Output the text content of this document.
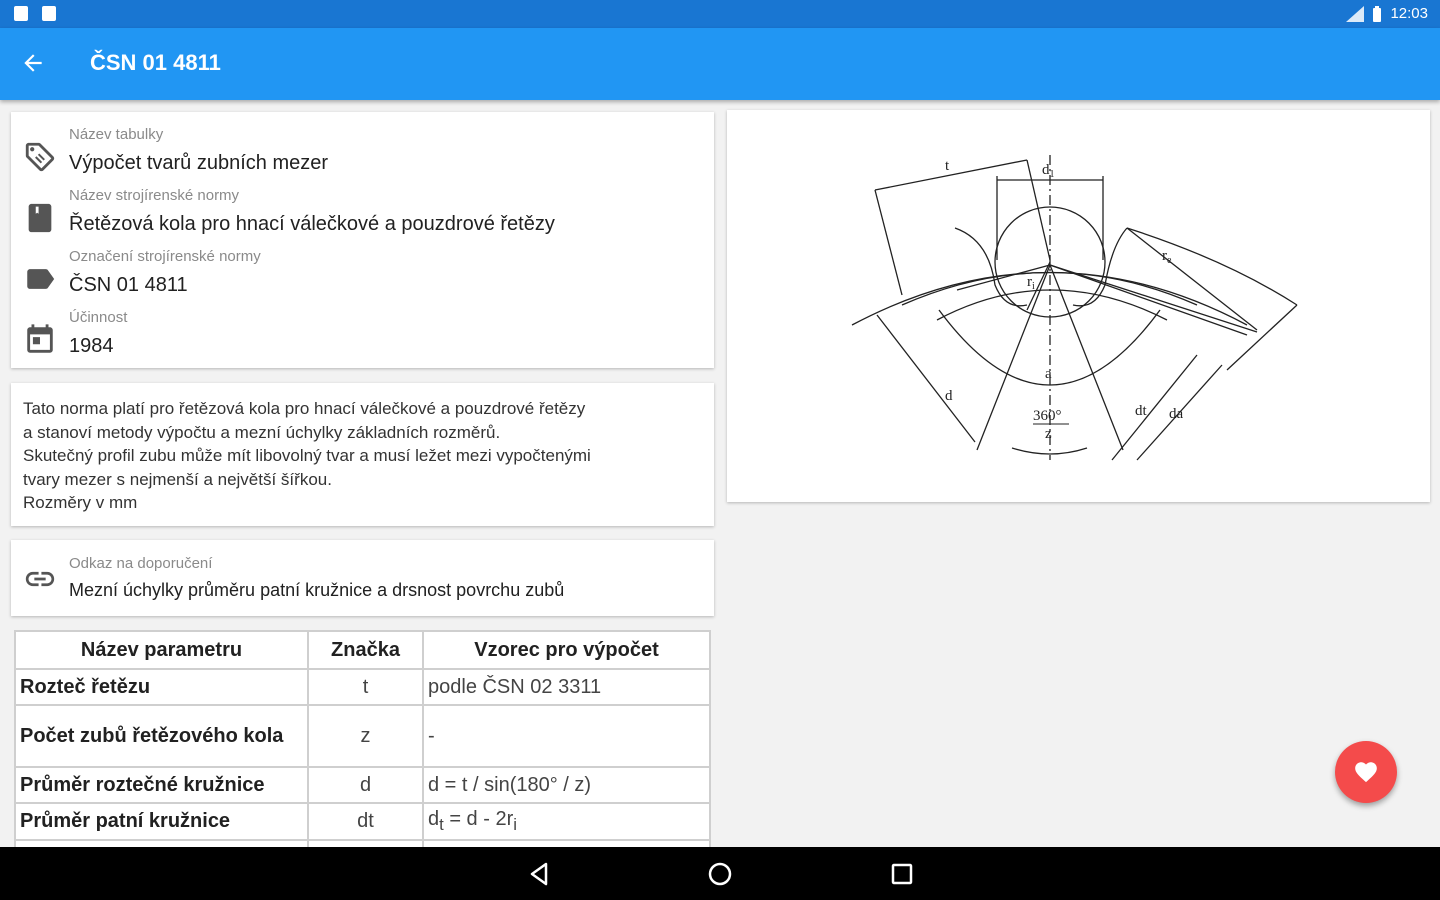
12:03
ČSN 01 4811
Název tabulky
Výpočet tvarů zubních mezer
Název strojírenské normy
Řetězová kola pro hnací válečkové a pouzdrové řetězy
Označení strojírenské normy
ČSN 01 4811
Účinnost
1984

Tato norma platí pro řetězová kola pro hnací válečkové a pouzdrové řetězy

a stanoví metody výpočtu a mezní úchylky základních rozměrů.

Skutečný profil zubu může mít libovolný tvar a musí ležet mezi vypočtenými

tvary mezer s nejmenší a největší šířkou.

Rozměry v mm

Odkaz na doporučení
Mezní úchylky průměru patní kružnice a drsnost povrchu zubů
t	$d_1$
$r_e$
$r_i$
a
360°
z
d
dt da
Název parametru	Značka	Vzorec pro výpočet
Rozteč řetězu	t	podle ČSN 02 3311
Počet zubů řetězového kola	z	-
Průměr roztečné kružnice	d	d = t / sin(180° / z)
Průměr patní kružnice	dt	$d_t = d - 2r_i$
